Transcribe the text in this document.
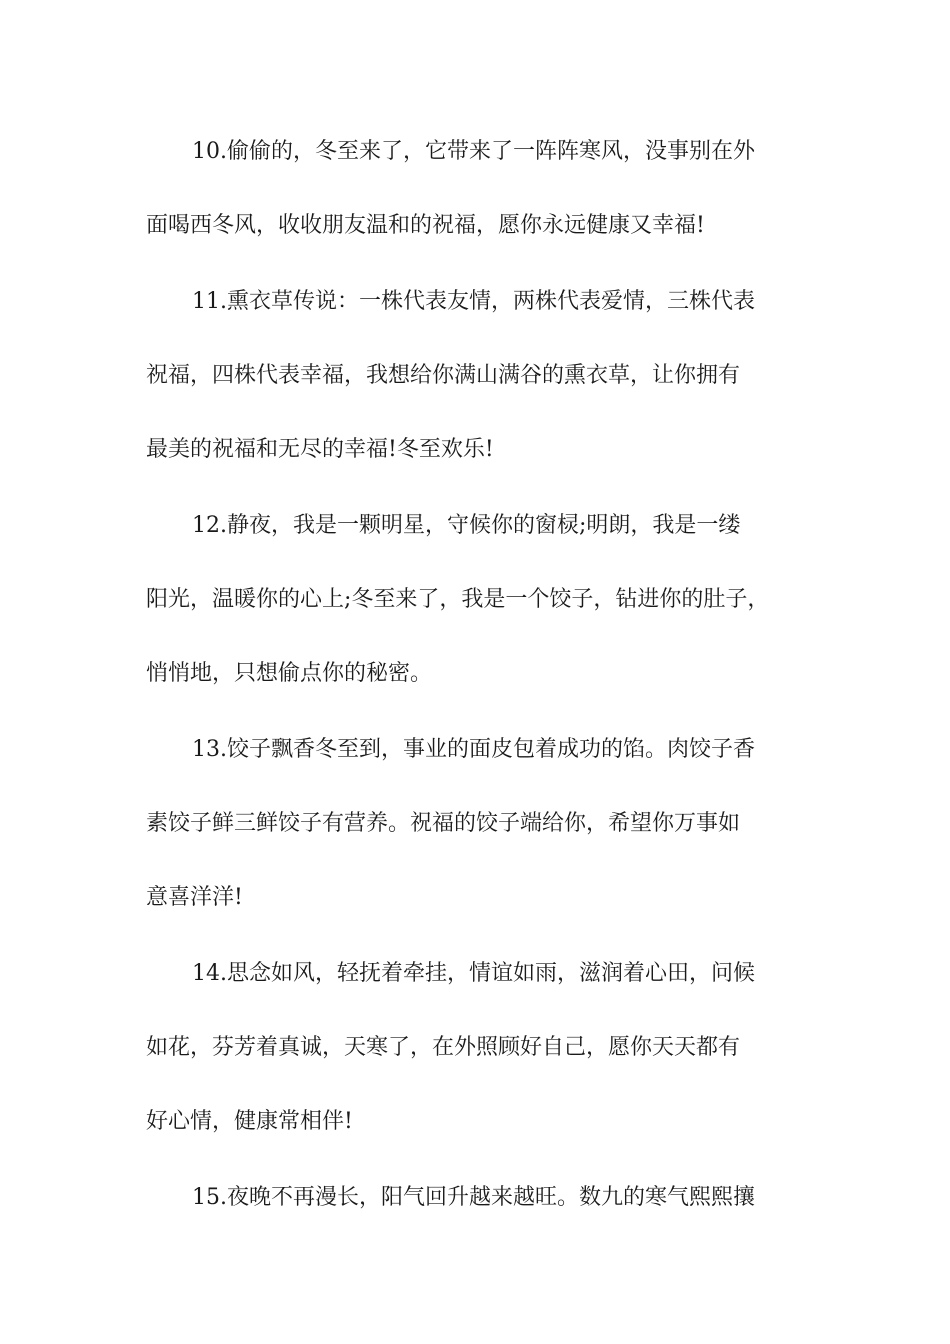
10.偷偷的，冬至来了，它带来了一阵阵寒风，没事别在外
面喝西冬风，收收朋友温和的祝福，愿你永远健康又幸福!
11.熏衣草传说：一株代表友情，两株代表爱情，三株代表
祝福，四株代表幸福，我想给你满山满谷的熏衣草，让你拥有
最美的祝福和无尽的幸福!冬至欢乐!
12.静夜，我是一颗明星，守候你的窗棂;明朗，我是一缕
阳光，温暖你的心上;冬至来了，我是一个饺子，钻进你的肚子，
悄悄地，只想偷点你的秘密。
13.饺子飘香冬至到，事业的面皮包着成功的馅。肉饺子香
素饺子鲜三鲜饺子有营养。祝福的饺子端给你，希望你万事如
意喜洋洋!
14.思念如风，轻抚着牵挂，情谊如雨，滋润着心田，问候
如花，芬芳着真诚，天寒了，在外照顾好自己，愿你天天都有
好心情，健康常相伴!
15.夜晚不再漫长，阳气回升越来越旺。数九的寒气熙熙攘
